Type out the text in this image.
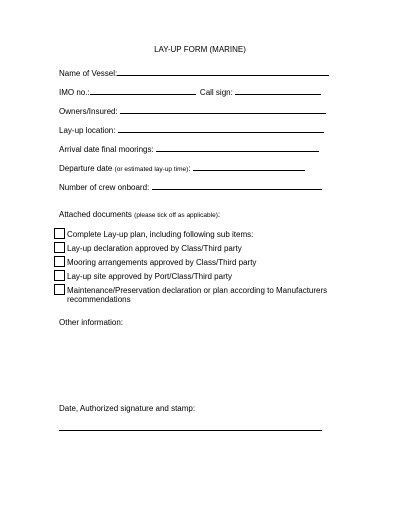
LAY-UP FORM (MARINE)
Name of Vessel:
IMO no.:	Call sign:
Owners/Insured:
Lay-up location:
Arrival date final moorings:
Departure date (or estimated lay-up time):
Number of crew onboard:
Attached documents (please tick off as applicable):
Complete Lay-up plan, including following sub items:
Lay-up declaration approved by Class/Third party
Mooring arrangements approved by Class/Third party
Lay-up site approved by Port/Class/Third party
Maintenance/Preservation declaration or plan according to Manufacturers
recommendations
Other information:
Date, Authorized signature and stamp:
